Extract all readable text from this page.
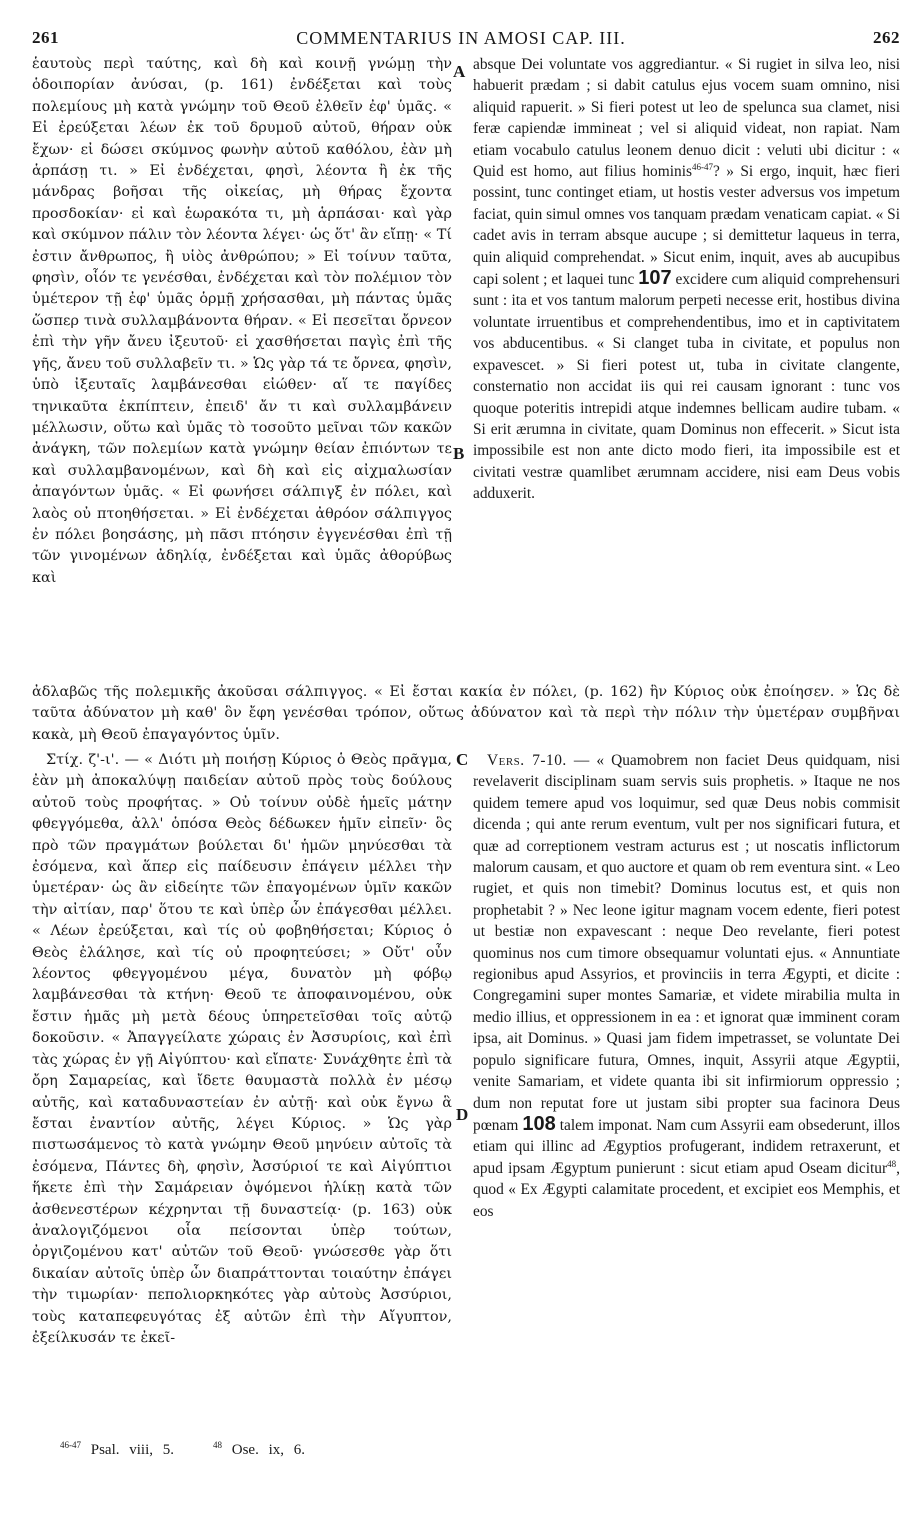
261	COMMENTARIUS IN AMOSI CAP. III.	262
A
B
C
D

ἑαυτοὺς περὶ ταύτης, καὶ δὴ καὶ κοινῇ γνώμῃ τὴν ὁδοιπορίαν ἀνύσαι, (p. 161) ἐνδέξεται καὶ τοὺς πολεμίους μὴ κατὰ γνώμην τοῦ Θεοῦ ἐλθεῖν ἐφ' ὑμᾶς. « Εἰ ἐρεύξεται λέων ἐκ τοῦ δρυμοῦ αὐτοῦ, θήραν οὐκ ἔχων· εἰ δώσει σκύμνος φωνὴν αὐτοῦ καθόλου, ἐὰν μὴ ἁρπάσῃ τι. » Εἰ ἐνδέχεται, φησὶ, λέοντα ἢ ἐκ τῆς μάνδρας βοῆσαι τῆς οἰκείας, μὴ θήρας ἔχοντα προσδοκίαν· εἰ καὶ ἑωρακότα τι, μὴ ἁρπάσαι· καὶ γὰρ καὶ σκύμνον πάλιν τὸν λέοντα λέγει· ὡς ὅτ' ἂν εἴπῃ· « Τί ἐστιν ἄνθρωπος, ἢ υἱὸς ἀνθρώπου; » Εἰ τοίνυν ταῦτα, φησὶν, οἷόν τε γενέσθαι, ἐνδέχεται καὶ τὸν πολέμιον τὸν ὑμέτερον τῇ ἐφ' ὑμᾶς ὁρμῇ χρήσασθαι, μὴ πάντας ὑμᾶς ὥσπερ τινὰ συλλαμβάνοντα θήραν. « Εἰ πεσεῖται ὄρνεον ἐπὶ τὴν γῆν ἄνευ ἰξευτοῦ· εἰ χασθήσεται παγὶς ἐπὶ τῆς γῆς, ἄνευ τοῦ συλλαβεῖν τι. » Ὡς γὰρ τά τε ὄρνεα, φησὶν, ὑπὸ ἰξευταῖς λαμβάνεσθαι εἰώθεν· αἵ τε παγίδες τηνικαῦτα ἐκπίπτειν, ἐπειδ' ἄν τι καὶ συλλαμβάνειν μέλλωσιν, οὕτω καὶ ὑμᾶς τὸ τοσοῦτο μεῖναι τῶν κακῶν ἀνάγκη, τῶν πολεμίων κατὰ γνώμην θείαν ἐπιόντων τε καὶ συλλαμβανομένων, καὶ δὴ καὶ εἰς αἰχμαλωσίαν ἀπαγόντων ὑμᾶς. « Εἰ φωνήσει σάλπιγξ ἐν πόλει, καὶ λαὸς οὐ πτοηθήσεται. » Εἰ ἐνδέχεται ἀθρόον σάλπιγγος ἐν πόλει βοησάσης, μὴ πᾶσι πτόησιν ἐγγενέσθαι ἐπὶ τῇ τῶν γινομένων ἀδηλίᾳ, ἐνδέξεται καὶ ὑμᾶς ἀθορύβως καὶ

absque Dei voluntate vos aggrediantur. « Si rugiet in silva leo, nisi habuerit prædam ; si dabit catulus ejus vocem suam omnino, nisi aliquid rapuerit. » Si fieri potest ut leo de spelunca sua clamet, nisi feræ capiendæ immineat ; vel si aliquid videat, non rapiat. Nam etiam vocabulo catulus leonem denuo dicit : veluti ubi dicitur : « Quid est homo, aut filius hominis$^{46-47}$? » Si ergo, inquit, hæc fieri possint, tunc continget etiam, ut hostis vester adversus vos impetum faciat, quin simul omnes vos tanquam prædam venaticam capiat. « Si cadet avis in terram absque aucupe ; si demittetur laqueus in terra, quin aliquid comprehendat. » Sicut enim, inquit, aves ab aucupibus capi solent ; et laquei tunc 107 excidere cum aliquid comprehensuri sunt : ita et vos tantum malorum perpeti necesse erit, hostibus divina voluntate irruentibus et comprehendentibus, imo et in captivitatem vos abducentibus. « Si clanget tuba in civitate, et populus non expavescet. » Si fieri potest ut, tuba in civitate clangente, consternatio non accidat iis qui rei causam ignorant : tunc vos quoque poteritis intrepidi atque indemnes bellicam audire tubam. « Si erit ærumna in civitate, quam Dominus non effecerit. » Sicut ista impossibile est non ante dicto modo fieri, ita impossibile est et civitati vestræ quamlibet ærumnam accidere, nisi eam Deus vobis adduxerit.

ἀδλαβῶς τῆς πολεμικῆς ἀκοῦσαι σάλπιγγος. « Εἰ ἔσται κακία ἐν πόλει, (p. 162) ἣν Κύριος οὐκ ἐποίησεν. » Ὡς δὲ ταῦτα ἀδύνατον μὴ καθ' ὃν ἔφη γενέσθαι τρόπον, οὕτως ἀδύνατον καὶ τὰ περὶ τὴν πόλιν τὴν ὑμετέραν συμβῆναι κακὰ, μὴ Θεοῦ ἐπαγαγόντος ὑμῖν.

Στίχ. ζ'-ι'. — « Διότι μὴ ποιήσῃ Κύριος ὁ Θεὸς πρᾶγμα, ἐὰν μὴ ἀποκαλύψῃ παιδείαν αὐτοῦ πρὸς τοὺς δούλους αὐτοῦ τοὺς προφήτας. » Οὐ τοίνυν οὐδὲ ἡμεῖς μάτην φθεγγόμεθα, ἀλλ' ὁπόσα Θεὸς δέδωκεν ἡμῖν εἰπεῖν· ὃς πρὸ τῶν πραγμάτων βούλεται δι' ἡμῶν μηνύεσθαι τὰ ἐσόμενα, καὶ ἅπερ εἰς παίδευσιν ἐπάγειν μέλλει τὴν ὑμετέραν· ὡς ἂν εἰδείητε τῶν ἐπαγομένων ὑμῖν κακῶν τὴν αἰτίαν, παρ' ὅτου τε καὶ ὑπὲρ ὧν ἐπάγεσθαι μέλλει. « Λέων ἐρεύξεται, καὶ τίς οὐ φοβηθήσεται; Κύριος ὁ Θεὸς ἐλάλησε, καὶ τίς οὐ προφητεύσει; » Οὔτ' οὖν λέοντος φθεγγομένου μέγα, δυνατὸν μὴ φόβῳ λαμβάνεσθαι τὰ κτήνη· Θεοῦ τε ἀποφαινομένου, οὐκ ἔστιν ἡμᾶς μὴ μετὰ δέους ὑπηρετεῖσθαι τοῖς αὐτῷ δοκοῦσιν. « Ἀπαγγείλατε χώραις ἐν Ἀσσυρίοις, καὶ ἐπὶ τὰς χώρας ἐν γῇ Αἰγύπτου· καὶ εἴπατε· Συνάχθητε ἐπὶ τὰ ὄρη Σαμαρείας, καὶ ἴδετε θαυμαστὰ πολλὰ ἐν μέσῳ αὐτῆς, καὶ καταδυναστείαν ἐν αὐτῇ· καὶ οὐκ ἔγνω ἃ ἔσται ἐναντίον αὐτῆς, λέγει Κύριος. » Ὡς γὰρ πιστωσάμενος τὸ κατὰ γνώμην Θεοῦ μηνύειν αὐτοῖς τὰ ἐσόμενα, Πάντες δὴ, φησὶν, Ἀσσύριοί τε καὶ Αἰγύπτιοι ἥκετε ἐπὶ τὴν Σαμάρειαν ὀψόμενοι ἡλίκῃ κατὰ τῶν ἀσθενεστέρων κέχρηνται τῇ δυναστείᾳ· (p. 163) οὐκ ἀναλογιζόμενοι οἷα πείσονται ὑπὲρ τούτων, ὀργιζομένου κατ' αὐτῶν τοῦ Θεοῦ· γνώσεσθε γὰρ ὅτι δικαίαν αὐτοῖς ὑπὲρ ὧν διαπράττονται τοιαύτην ἐπάγει τὴν τιμωρίαν· πεπολιορκηκότες γὰρ αὐτοὺς Ἀσσύριοι, τοὺς καταπεφευγότας ἐξ αὐτῶν ἐπὶ τὴν Αἴγυπτον, ἐξείλκυσάν τε ἐκεῖ-

Vers. 7-10. — « Quamobrem non faciet Deus quidquam, nisi revelaverit disciplinam suam servis suis prophetis. » Itaque ne nos quidem temere apud vos loquimur, sed quæ Deus nobis commisit dicenda ; qui ante rerum eventum, vult per nos significari futura, et quæ ad correptionem vestram acturus est ; ut noscatis inflictorum malorum causam, et quo auctore et quam ob rem eventura sint. « Leo rugiet, et quis non timebit? Dominus locutus est, et quis non prophetabit ? » Nec leone igitur magnam vocem edente, fieri potest ut bestiæ non expavescant : neque Deo revelante, fieri potest quominus nos cum timore obsequamur voluntati ejus. « Annuntiate regionibus apud Assyrios, et provinciis in terra Ægypti, et dicite : Congregamini super montes Samariæ, et videte mirabilia multa in medio illius, et oppressionem in ea : et ignorat quæ imminent coram ipsa, ait Dominus. » Quasi jam fidem impetrasset, se voluntate Dei populo significare futura, Omnes, inquit, Assyrii atque Ægyptii, venite Samariam, et videte quanta ibi sit infirmiorum oppressio ; dum non reputat fore ut justam sibi propter sua facinora Deus pœnam 108 talem imponat. Nam cum Assyrii eam obsederunt, illos etiam qui illinc ad Ægyptios profugerant, indidem retraxerunt, et apud ipsam Ægyptum punierunt : sicut etiam apud Oseam dicitur$^{48}$, quod « Ex Ægypti calamitate procedent, et excipiet eos Memphis, et eos

$^{46-47}$ Psal. viii, 5.	$^{48}$ Ose. ix, 6.
